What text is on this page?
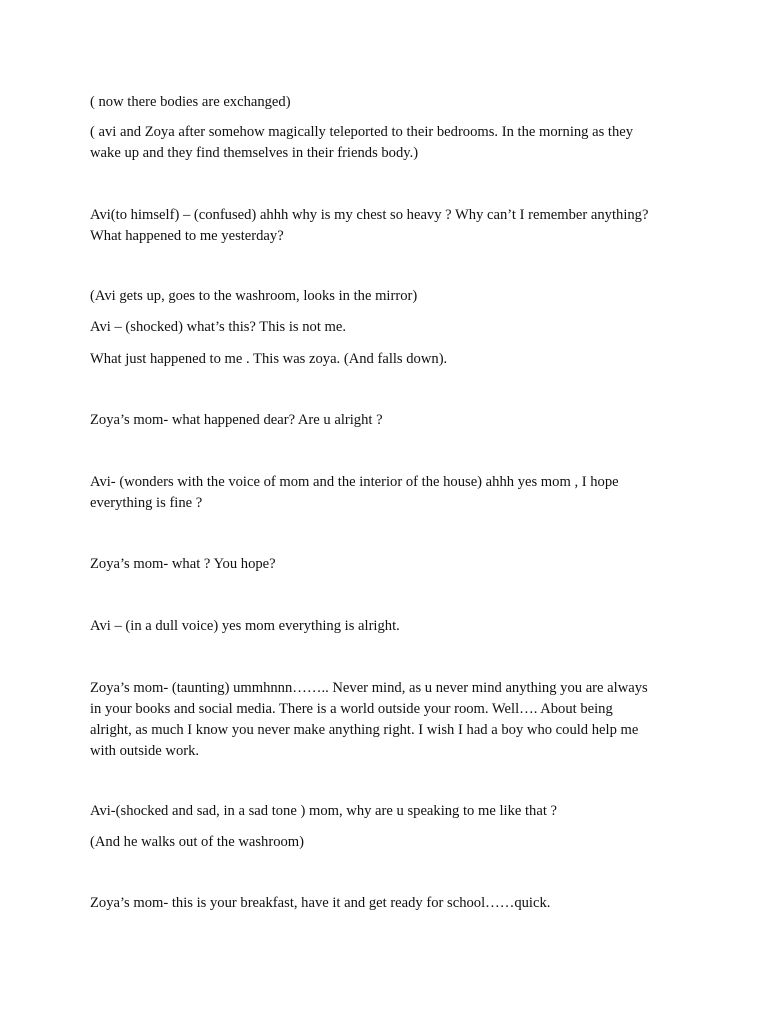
( now there bodies are exchanged)

( avi and Zoya after somehow magically teleported to their bedrooms. In the morning as they
wake up and they find themselves in their friends body.)

Avi(to himself) – (confused) ahhh why is my chest so heavy ? Why can’t I remember anything?
What happened to me yesterday?

(Avi gets up, goes to the washroom, looks in the mirror)

Avi – (shocked) what’s this? This is not me.

What just happened to me . This was zoya. (And falls down).

Zoya’s mom- what happened dear? Are u alright ?

Avi- (wonders with the voice of mom and the interior of the house) ahhh yes mom , I hope
everything is fine ?

Zoya’s mom- what ? You hope?

Avi – (in a dull voice) yes mom everything is alright.

Zoya’s mom- (taunting) ummhnnn…….. Never mind, as u never mind anything you are always
in your books and social media. There is a world outside your room. Well…. About being
alright, as much I know you never make anything right. I wish I had a boy who could help me
with outside work.

Avi-(shocked and sad, in a sad tone ) mom, why are u speaking to me like that ?

(And he walks out of the washroom)

Zoya’s mom- this is your breakfast, have it and get ready for school……quick.
